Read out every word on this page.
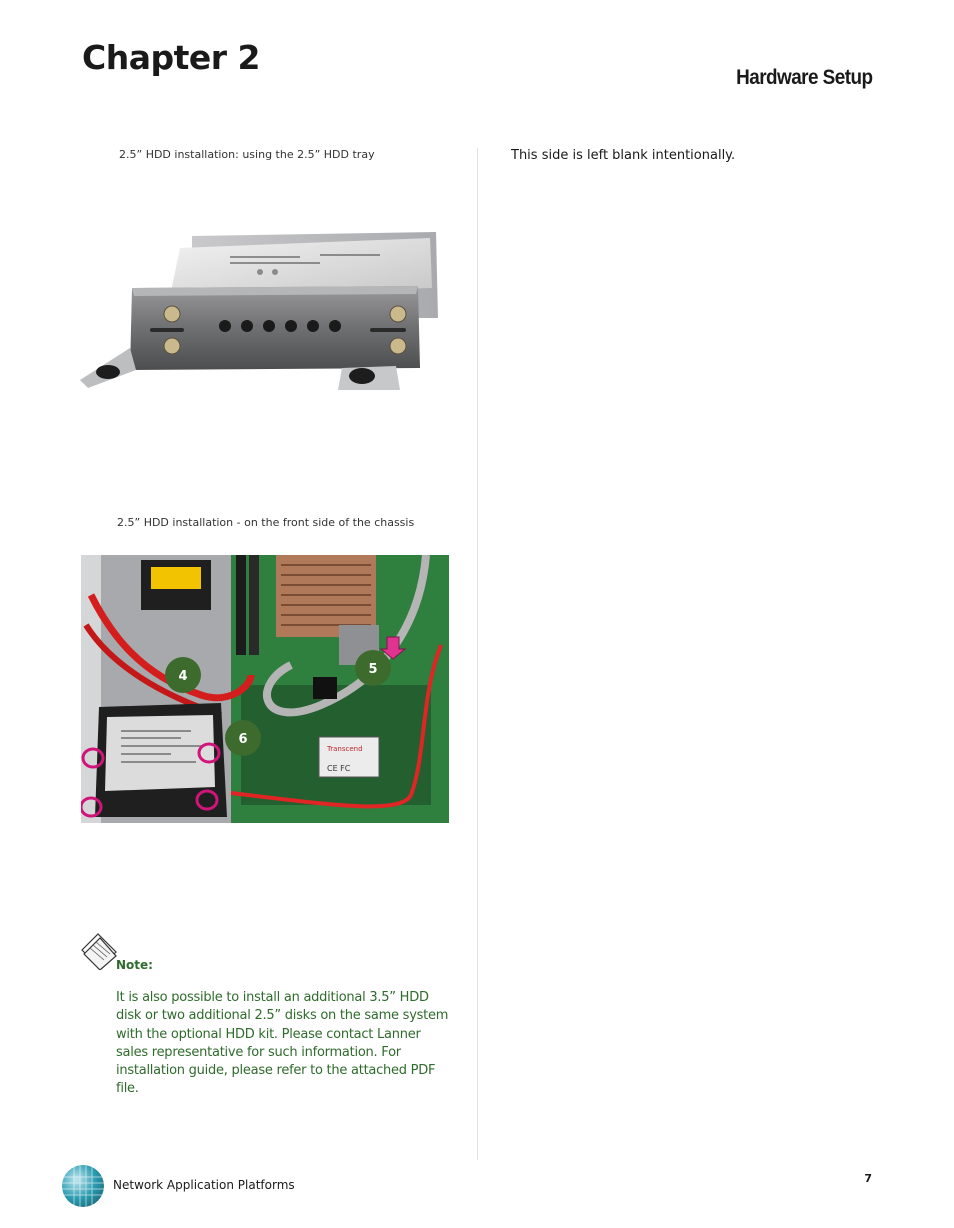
Chapter 2
Hardware Setup
2.5” HDD installation: using the 2.5” HDD tray
2.5” HDD installation - on the front side of the chassis
Transcend
CE FC
4	5
6
Note:
It is also possible to install an additional 3.5” HDD disk or two additional 2.5” disks on the same system with the optional HDD kit. Please contact Lanner sales representative for such information. For installation guide, please refer to the attached PDF file.
This side is left blank intentionally.
Network Application Platforms	7
